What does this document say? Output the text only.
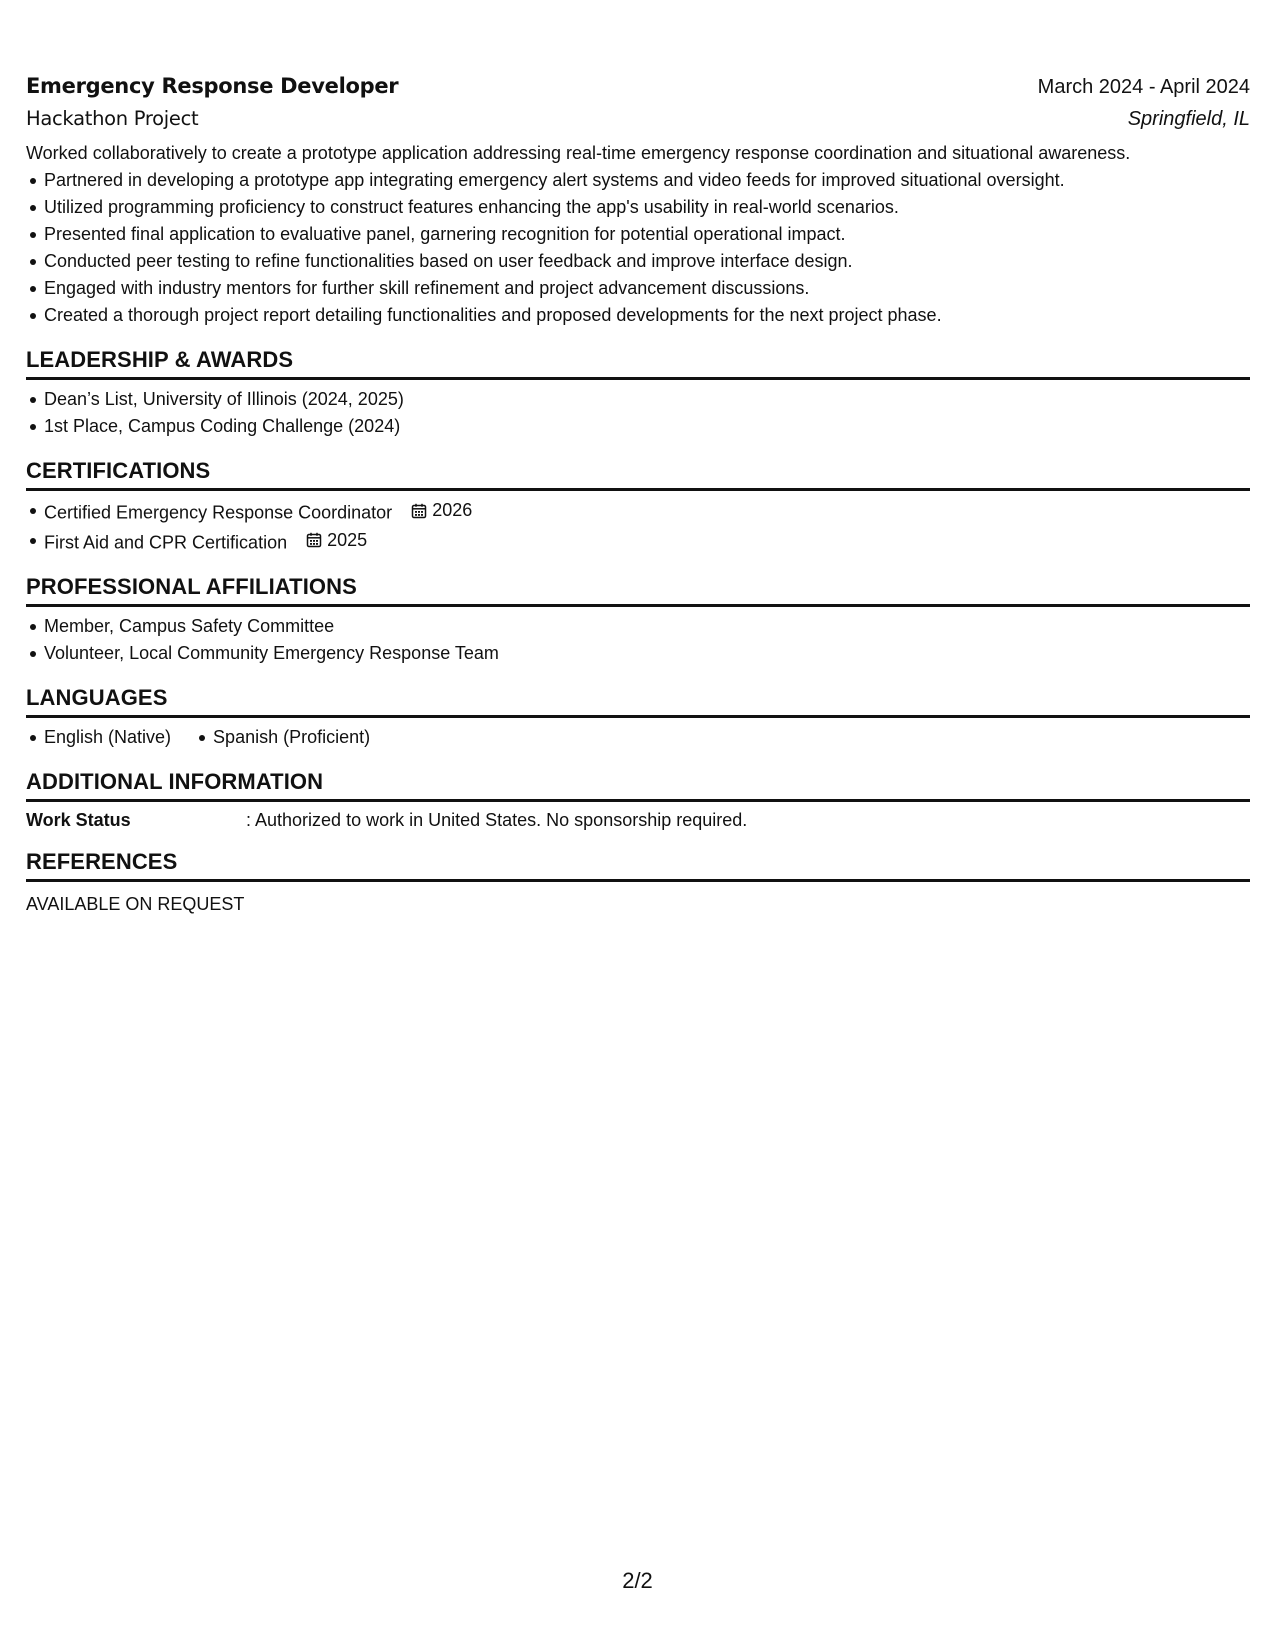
Emergency Response Developer	March 2024 - April 2024
Hackathon Project	Springfield, IL
Worked collaboratively to create a prototype application addressing real-time emergency response coordination and situational awareness.
Partnered in developing a prototype app integrating emergency alert systems and video feeds for improved situational oversight.
Utilized programming proficiency to construct features enhancing the app's usability in real-world scenarios.
Presented final application to evaluative panel, garnering recognition for potential operational impact.
Conducted peer testing to refine functionalities based on user feedback and improve interface design.
Engaged with industry mentors for further skill refinement and project advancement discussions.
Created a thorough project report detailing functionalities and proposed developments for the next project phase.
LEADERSHIP & AWARDS
Dean’s List, University of Illinois (2024, 2025)
1st Place, Campus Coding Challenge (2024)
CERTIFICATIONS
Certified Emergency Response Coordinator 2026
First Aid and CPR Certification 2025
PROFESSIONAL AFFILIATIONS
Member, Campus Safety Committee
Volunteer, Local Community Emergency Response Team
LANGUAGES
English (Native) Spanish (Proficient)
ADDITIONAL INFORMATION
Work Status	: Authorized to work in United States. No sponsorship required.
REFERENCES
AVAILABLE ON REQUEST
2/2
